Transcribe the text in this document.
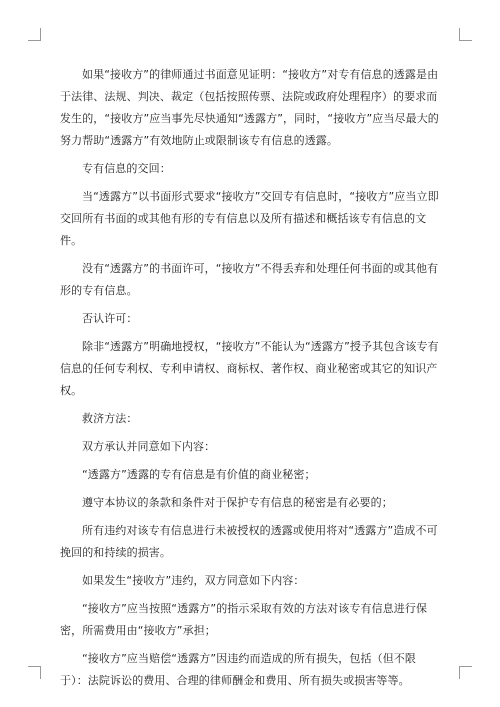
如果“接收方”的律师通过书面意见证明：“接收方”对专有信息的透露是由于法律、法规、判决、裁定（包括按照传票、法院或政府处理程序）的要求而发生的，“接收方”应当事先尽快通知“透露方”，同时，“接收方”应当尽最大的努力帮助“透露方”有效地防止或限制该专有信息的透露。

专有信息的交回：

当“透露方”以书面形式要求“接收方”交回专有信息时，“接收方”应当立即交回所有书面的或其他有形的专有信息以及所有描述和概括该专有信息的文件。

没有“透露方”的书面许可，“接收方”不得丢弃和处理任何书面的或其他有形的专有信息。

否认许可：

除非“透露方”明确地授权，“接收方”不能认为“透露方”授予其包含该专有信息的任何专利权、专利申请权、商标权、著作权、商业秘密或其它的知识产权。

救济方法：

双方承认并同意如下内容：

“透露方”透露的专有信息是有价值的商业秘密；

遵守本协议的条款和条件对于保护专有信息的秘密是有必要的；

所有违约对该专有信息进行未被授权的透露或使用将对“透露方”造成不可挽回的和持续的损害。

如果发生“接收方”违约，双方同意如下内容：

“接收方”应当按照“透露方”的指示采取有效的方法对该专有信息进行保密，所需费用由“接收方”承担；

“接收方”应当赔偿“透露方”因违约而造成的所有损失，包括（但不限于）：法院诉讼的费用、合理的律师酬金和费用、所有损失或损害等等。
